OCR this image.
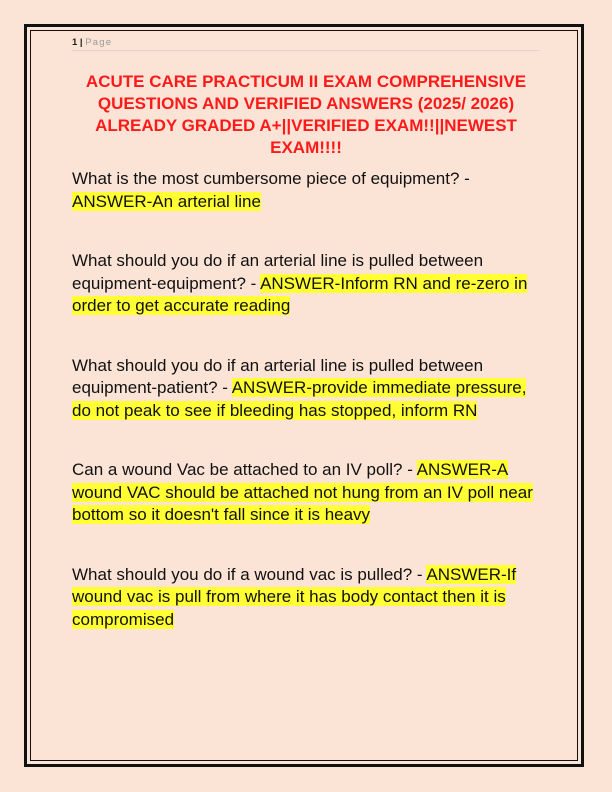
1 | Page

ACUTE CARE PRACTICUM II EXAM COMPREHENSIVE QUESTIONS AND VERIFIED ANSWERS (2025/ 2026) ALREADY GRADED A+||VERIFIED EXAM!!||NEWEST EXAM!!!!

What is the most cumbersome piece of equipment? - ANSWER-An arterial line

What should you do if an arterial line is pulled between equipment-equipment? - ANSWER-Inform RN and re-zero in order to get accurate reading

What should you do if an arterial line is pulled between equipment-patient? - ANSWER-provide immediate pressure, do not peak to see if bleeding has stopped, inform RN

Can a wound Vac be attached to an IV poll? - ANSWER-A wound VAC should be attached not hung from an IV poll near bottom so it doesn't fall since it is heavy

What should you do if a wound vac is pulled? - ANSWER-If wound vac is pull from where it has body contact then it is compromised
